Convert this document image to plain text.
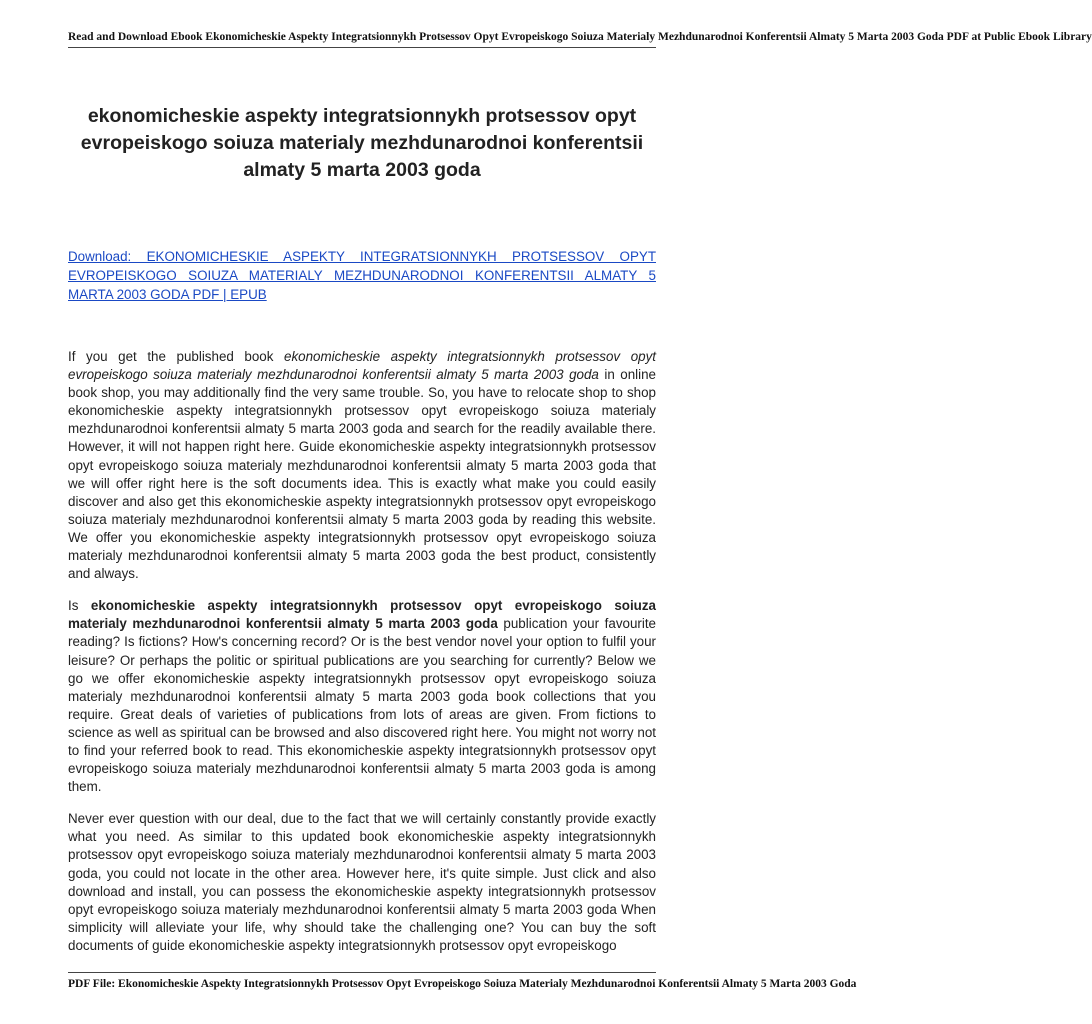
Read and Download Ebook Ekonomicheskie Aspekty Integratsionnykh Protsessov Opyt Evropeiskogo Soiuza Materialy Mezhdunarodnoi Konferentsii Almaty 5 Marta 2003 Goda PDF at Public Ebook Library
ekonomicheskie aspekty integratsionnykh protsessov opyt evropeiskogo soiuza materialy mezhdunarodnoi konferentsii almaty 5 marta 2003 goda
Download: EKONOMICHESKIE ASPEKTY INTEGRATSIONNYKH PROTSESSOV OPYT EVROPEISKOGO SOIUZA MATERIALY MEZHDUNARODNOI KONFERENTSII ALMATY 5 MARTA 2003 GODA PDF | EPUB

If you get the published book ekonomicheskie aspekty integratsionnykh protsessov opyt evropeiskogo soiuza materialy mezhdunarodnoi konferentsii almaty 5 marta 2003 goda in online book shop, you may additionally find the very same trouble. So, you have to relocate shop to shop ekonomicheskie aspekty integratsionnykh protsessov opyt evropeiskogo soiuza materialy mezhdunarodnoi konferentsii almaty 5 marta 2003 goda and search for the readily available there. However, it will not happen right here. Guide ekonomicheskie aspekty integratsionnykh protsessov opyt evropeiskogo soiuza materialy mezhdunarodnoi konferentsii almaty 5 marta 2003 goda that we will offer right here is the soft documents idea. This is exactly what make you could easily discover and also get this ekonomicheskie aspekty integratsionnykh protsessov opyt evropeiskogo soiuza materialy mezhdunarodnoi konferentsii almaty 5 marta 2003 goda by reading this website. We offer you ekonomicheskie aspekty integratsionnykh protsessov opyt evropeiskogo soiuza materialy mezhdunarodnoi konferentsii almaty 5 marta 2003 goda the best product, consistently and always.

Is ekonomicheskie aspekty integratsionnykh protsessov opyt evropeiskogo soiuza materialy mezhdunarodnoi konferentsii almaty 5 marta 2003 goda publication your favourite reading? Is fictions? How's concerning record? Or is the best vendor novel your option to fulfil your leisure? Or perhaps the politic or spiritual publications are you searching for currently? Below we go we offer ekonomicheskie aspekty integratsionnykh protsessov opyt evropeiskogo soiuza materialy mezhdunarodnoi konferentsii almaty 5 marta 2003 goda book collections that you require. Great deals of varieties of publications from lots of areas are given. From fictions to science as well as spiritual can be browsed and also discovered right here. You might not worry not to find your referred book to read. This ekonomicheskie aspekty integratsionnykh protsessov opyt evropeiskogo soiuza materialy mezhdunarodnoi konferentsii almaty 5 marta 2003 goda is among them.

Never ever question with our deal, due to the fact that we will certainly constantly provide exactly what you need. As similar to this updated book ekonomicheskie aspekty integratsionnykh protsessov opyt evropeiskogo soiuza materialy mezhdunarodnoi konferentsii almaty 5 marta 2003 goda, you could not locate in the other area. However here, it's quite simple. Just click and also download and install, you can possess the ekonomicheskie aspekty integratsionnykh protsessov opyt evropeiskogo soiuza materialy mezhdunarodnoi konferentsii almaty 5 marta 2003 goda When simplicity will alleviate your life, why should take the challenging one? You can buy the soft documents of guide ekonomicheskie aspekty integratsionnykh protsessov opyt evropeiskogo

PDF File: Ekonomicheskie Aspekty Integratsionnykh Protsessov Opyt Evropeiskogo Soiuza Materialy Mezhdunarodnoi Konferentsii Almaty 5 Marta 2003 Goda
